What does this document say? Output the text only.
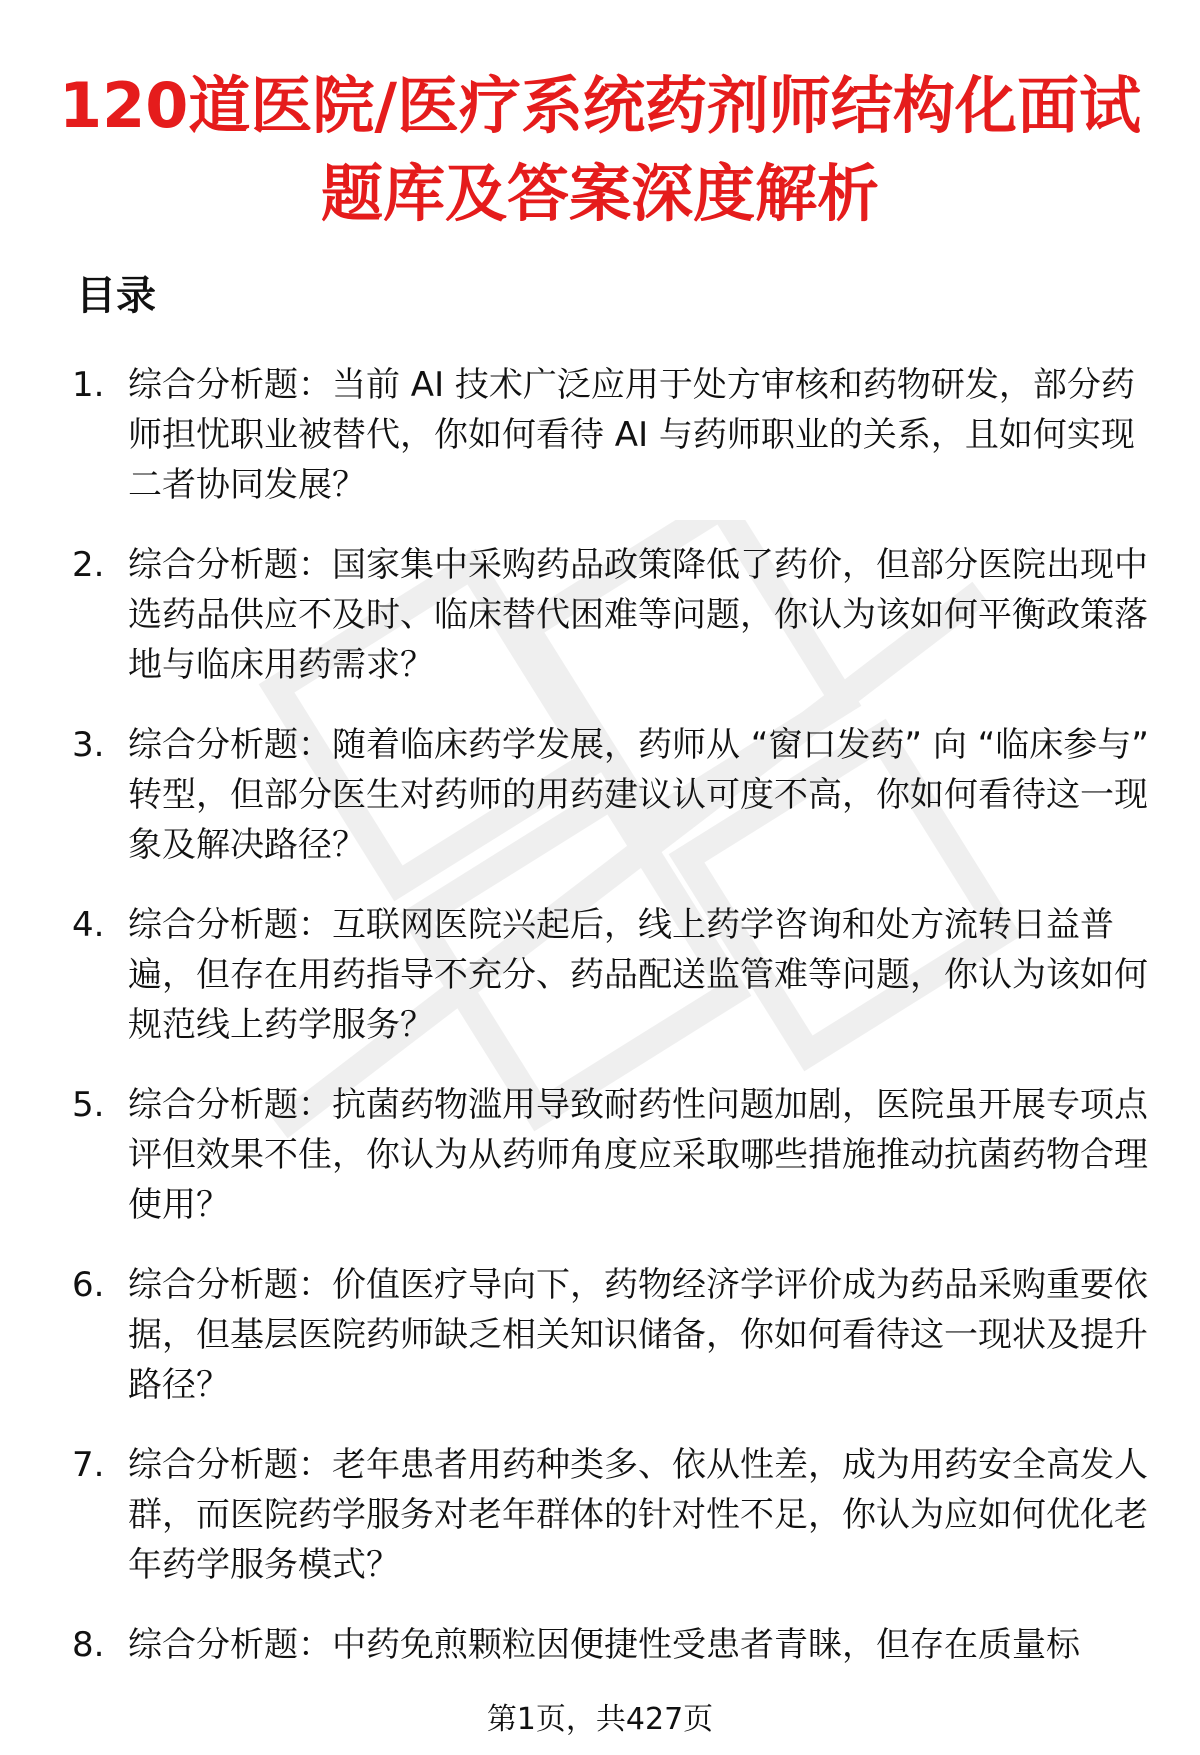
120道医院/医疗系统药剂师结构化面试题库及答案深度解析
目录
1. 综合分析题：当前 AI 技术广泛应用于处方审核和药物研发，部分药师担忧职业被替代，你如何看待 AI 与药师职业的关系，且如何实现二者协同发展？
2. 综合分析题：国家集中采购药品政策降低了药价，但部分医院出现中选药品供应不及时、临床替代困难等问题，你认为该如何平衡政策落地与临床用药需求？
3. 综合分析题：随着临床药学发展，药师从 “窗口发药” 向 “临床参与” 转型，但部分医生对药师的用药建议认可度不高，你如何看待这一现象及解决路径？
4. 综合分析题：互联网医院兴起后，线上药学咨询和处方流转日益普遍，但存在用药指导不充分、药品配送监管难等问题，你认为该如何规范线上药学服务？
5. 综合分析题：抗菌药物滥用导致耐药性问题加剧，医院虽开展专项点评但效果不佳，你认为从药师角度应采取哪些措施推动抗菌药物合理使用？
6. 综合分析题：价值医疗导向下，药物经济学评价成为药品采购重要依据，但基层医院药师缺乏相关知识储备，你如何看待这一现状及提升路径？
7. 综合分析题：老年患者用药种类多、依从性差，成为用药安全高发人群，而医院药学服务对老年群体的针对性不足，你认为应如何优化老年药学服务模式？
8. 综合分析题：中药免煎颗粒因便捷性受患者青睐，但存在质量标
第1页，共427页
